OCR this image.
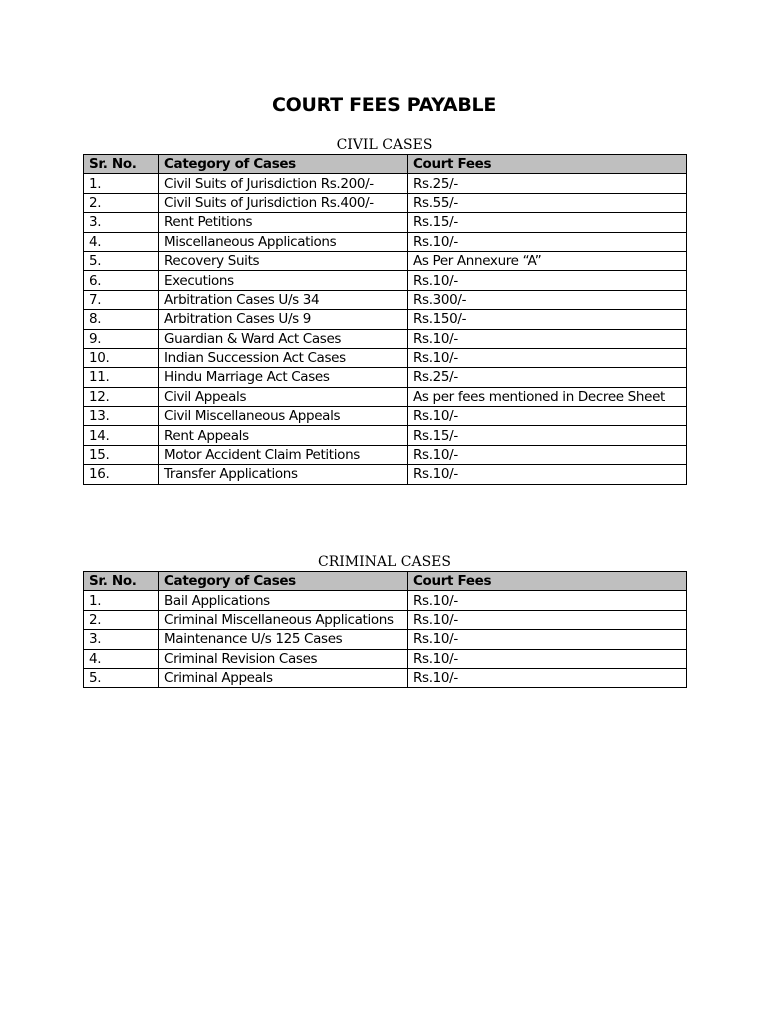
COURT FEES PAYABLE
CIVIL CASES
Sr. No.	Category of Cases	Court Fees
1.	Civil Suits of Jurisdiction Rs.200/-	Rs.25/-
2.	Civil Suits of Jurisdiction Rs.400/-	Rs.55/-
3.	Rent Petitions	Rs.15/-
4.	Miscellaneous Applications	Rs.10/-
5.	Recovery Suits	As Per Annexure “A”
6.	Executions	Rs.10/-
7.	Arbitration Cases U/s 34	Rs.300/-
8.	Arbitration Cases U/s 9	Rs.150/-
9.	Guardian & Ward Act Cases	Rs.10/-
10.	Indian Succession Act Cases	Rs.10/-
11.	Hindu Marriage Act Cases	Rs.25/-
12.	Civil Appeals	As per fees mentioned in Decree Sheet
13.	Civil Miscellaneous Appeals	Rs.10/-
14.	Rent Appeals	Rs.15/-
15.	Motor Accident Claim Petitions	Rs.10/-
16.	Transfer Applications	Rs.10/-
CRIMINAL CASES
Sr. No.	Category of Cases	Court Fees
1.	Bail Applications	Rs.10/-
2.	Criminal Miscellaneous Applications	Rs.10/-
3.	Maintenance U/s 125 Cases	Rs.10/-
4.	Criminal Revision Cases	Rs.10/-
5.	Criminal Appeals	Rs.10/-
